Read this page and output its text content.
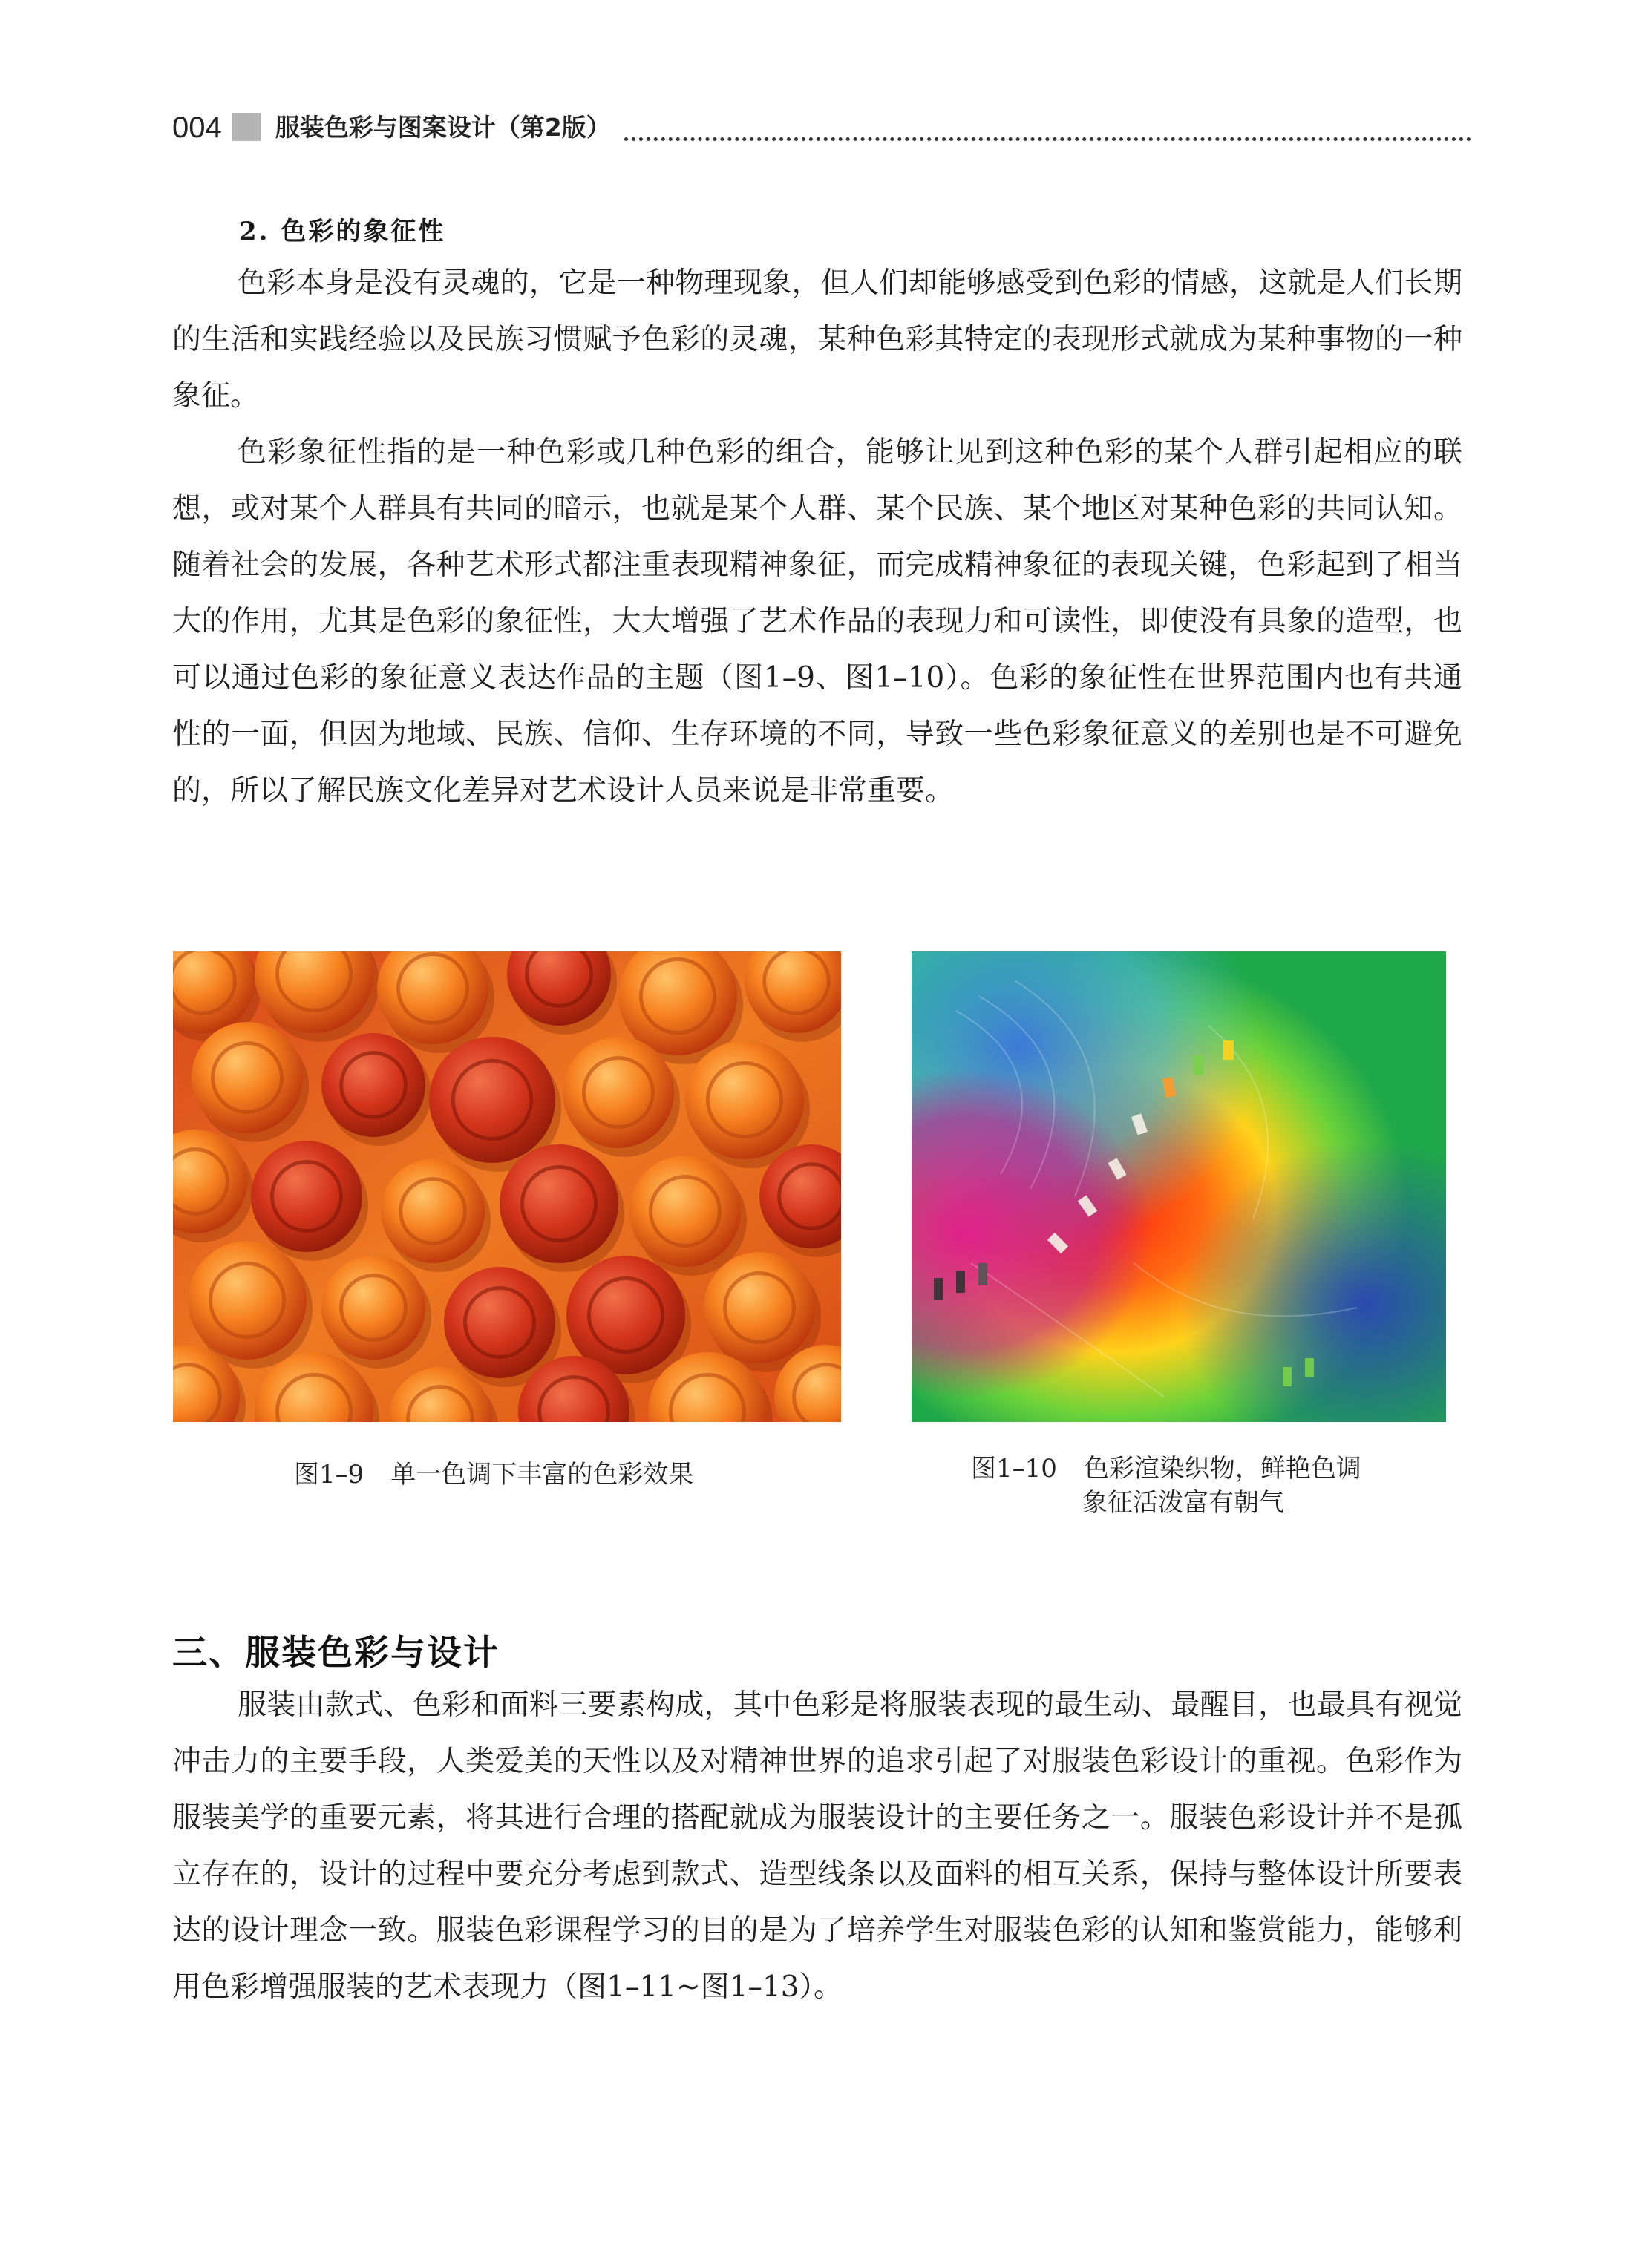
004 服装色彩与图案设计（第2版）
2. 色彩的象征性

色彩本身是没有灵魂的，它是一种物理现象，但人们却能够感受到色彩的情感，这就是人们长期的生活和实践经验以及民族习惯赋予色彩的灵魂，某种色彩其特定的表现形式就成为某种事物的一种象征。

色彩象征性指的是一种色彩或几种色彩的组合，能够让见到这种色彩的某个人群引起相应的联想，或对某个人群具有共同的暗示，也就是某个人群、某个民族、某个地区对某种色彩的共同认知。随着社会的发展，各种艺术形式都注重表现精神象征，而完成精神象征的表现关键，色彩起到了相当大的作用，尤其是色彩的象征性，大大增强了艺术作品的表现力和可读性，即使没有具象的造型，也可以通过色彩的象征意义表达作品的主题（图1–9、图1–10）。色彩的象征性在世界范围内也有共通性的一面，但因为地域、民族、信仰、生存环境的不同，导致一些色彩象征意义的差别也是不可避免的，所以了解民族文化差异对艺术设计人员来说是非常重要。

图1–9 单一色调下丰富的色彩效果	图1–10 色彩渲染织物，鲜艳色调
象征活泼富有朝气
三、服装色彩与设计

服装由款式、色彩和面料三要素构成，其中色彩是将服装表现的最生动、最醒目，也最具有视觉冲击力的主要手段，人类爱美的天性以及对精神世界的追求引起了对服装色彩设计的重视。色彩作为服装美学的重要元素，将其进行合理的搭配就成为服装设计的主要任务之一。服装色彩设计并不是孤立存在的，设计的过程中要充分考虑到款式、造型线条以及面料的相互关系，保持与整体设计所要表达的设计理念一致。服装色彩课程学习的目的是为了培养学生对服装色彩的认知和鉴赏能力，能够利用色彩增强服装的艺术表现力（图1–11~图1–13）。
